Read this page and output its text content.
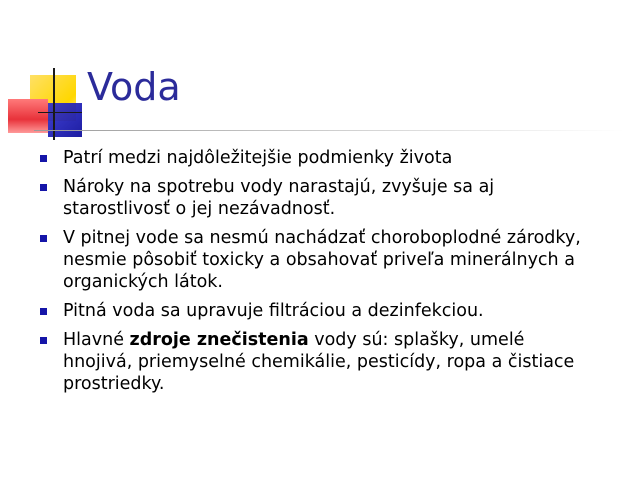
Voda
Patrí medzi najdôležitejšie podmienky života
Nároky na spotrebu vody narastajú, zvyšuje sa aj starostlivosť o jej nezávadnosť.
V pitnej vode sa nesmú nachádzať choroboplodné zárodky, nesmie pôsobiť toxicky a obsahovať priveľa minerálnych a organických látok.
Pitná voda sa upravuje filtráciou a dezinfekciou.
Hlavné zdroje znečistenia vody sú: splašky, umelé hnojivá, priemyselné chemikálie, pesticídy, ropa a čistiace prostriedky.
